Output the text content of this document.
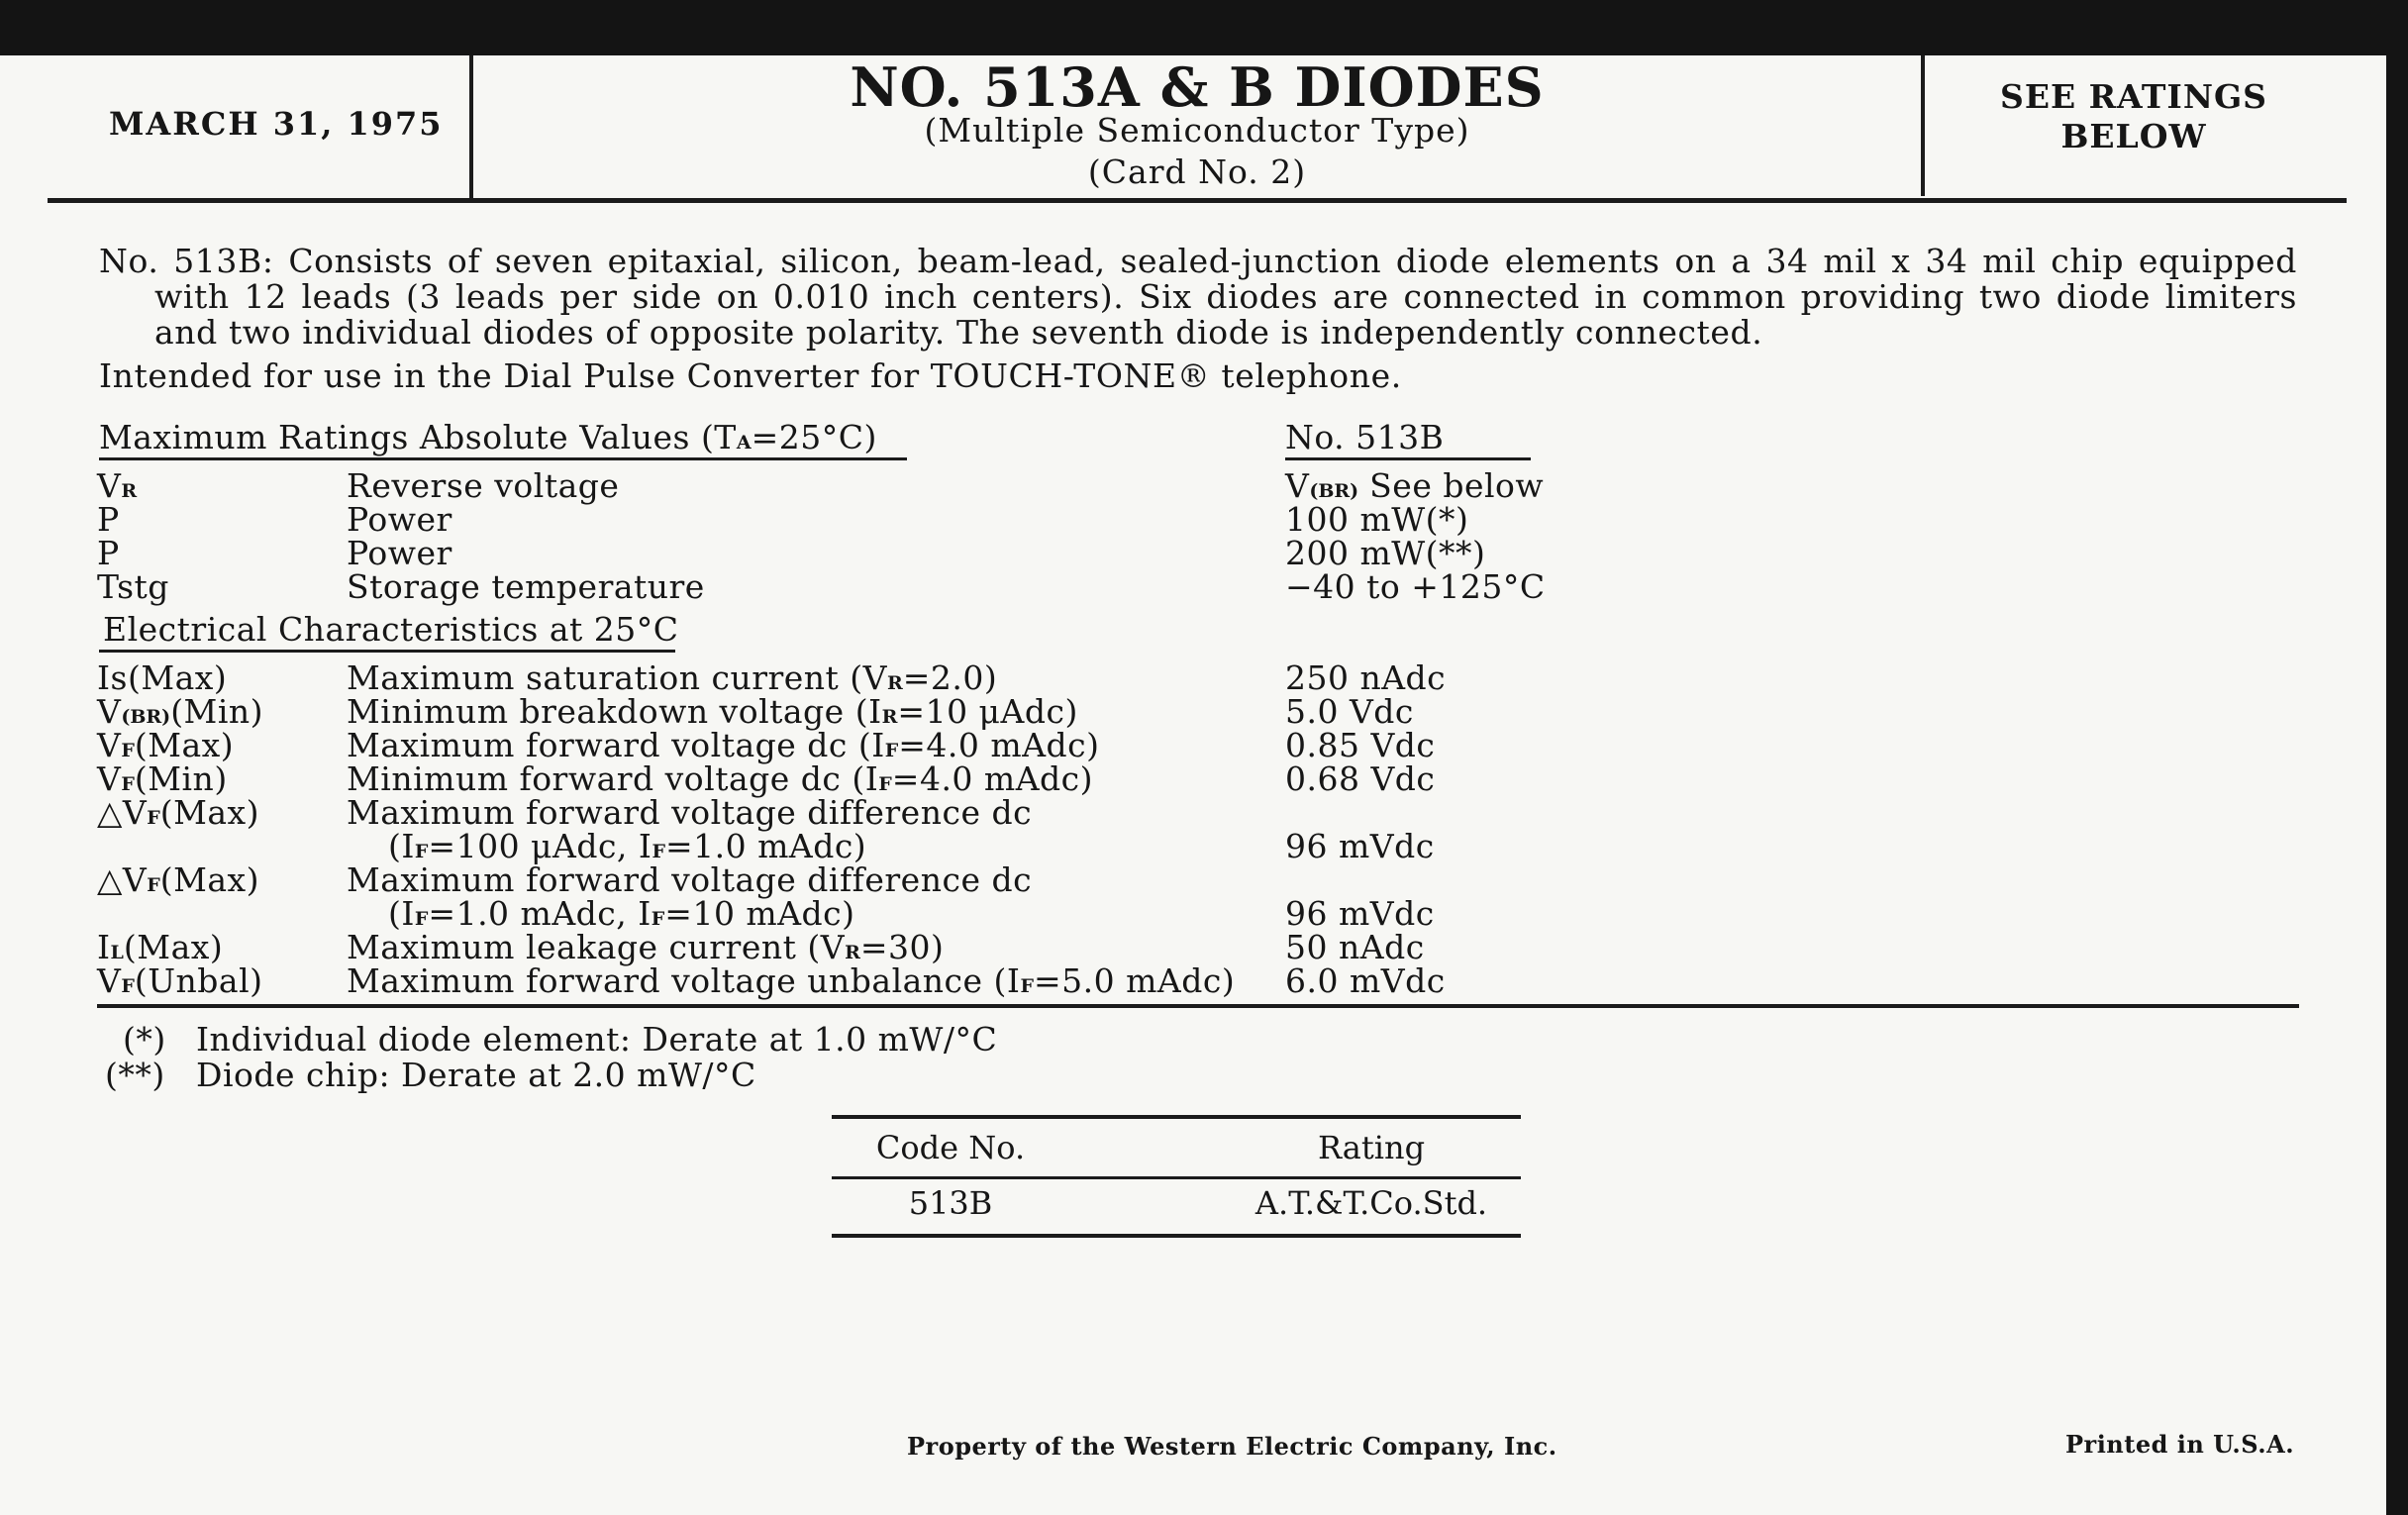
MARCH 31, 1975
NO. 513A & B DIODES
(Multiple Semiconductor Type)
(Card No. 2)
SEE RATINGS
BELOW
No. 513B: Consists of seven epitaxial, silicon, beam-lead, sealed-junction diode elements on a 34 mil x 34 mil chip equipped with 12 leads (3 leads per side on 0.010 inch centers). Six diodes are connected in common providing two diode limiters and two individual diodes of opposite polarity. The seventh diode is independently connected.
Intended for use in the Dial Pulse Converter for TOUCH-TONE® telephone.
Maximum Ratings Absolute Values (TA=25°C)	No. 513B
VR	Reverse voltage	V(BR) See below
P	Power	100 mW(*)
P	Power	200 mW(**)
Tstg	Storage temperature	−40 to +125°C
Electrical Characteristics at 25°C
Is(Max)	Maximum saturation current (VR=2.0)	250 nAdc
V(BR)(Min)	Minimum breakdown voltage (IR=10 μAdc)	5.0 Vdc
VF(Max)	Maximum forward voltage dc (IF=4.0 mAdc)	0.85 Vdc
VF(Min)	Minimum forward voltage dc (IF=4.0 mAdc)	0.68 Vdc
△VF(Max)	Maximum forward voltage difference dc
(IF=100 μAdc, IF=1.0 mAdc)	96 mVdc
△VF(Max)	Maximum forward voltage difference dc
(IF=1.0 mAdc, IF=10 mAdc)	96 mVdc
IL(Max)	Maximum leakage current (VR=30)	50 nAdc
VF(Unbal)	Maximum forward voltage unbalance (IF=5.0 mAdc) 6.0 mVdc
(*) Individual diode element: Derate at 1.0 mW/°C
(**) Diode chip: Derate at 2.0 mW/°C
Code No.	Rating
513B	A.T.&T.Co.Std.
Property of the Western Electric Company, Inc.	Printed in U.S.A.
